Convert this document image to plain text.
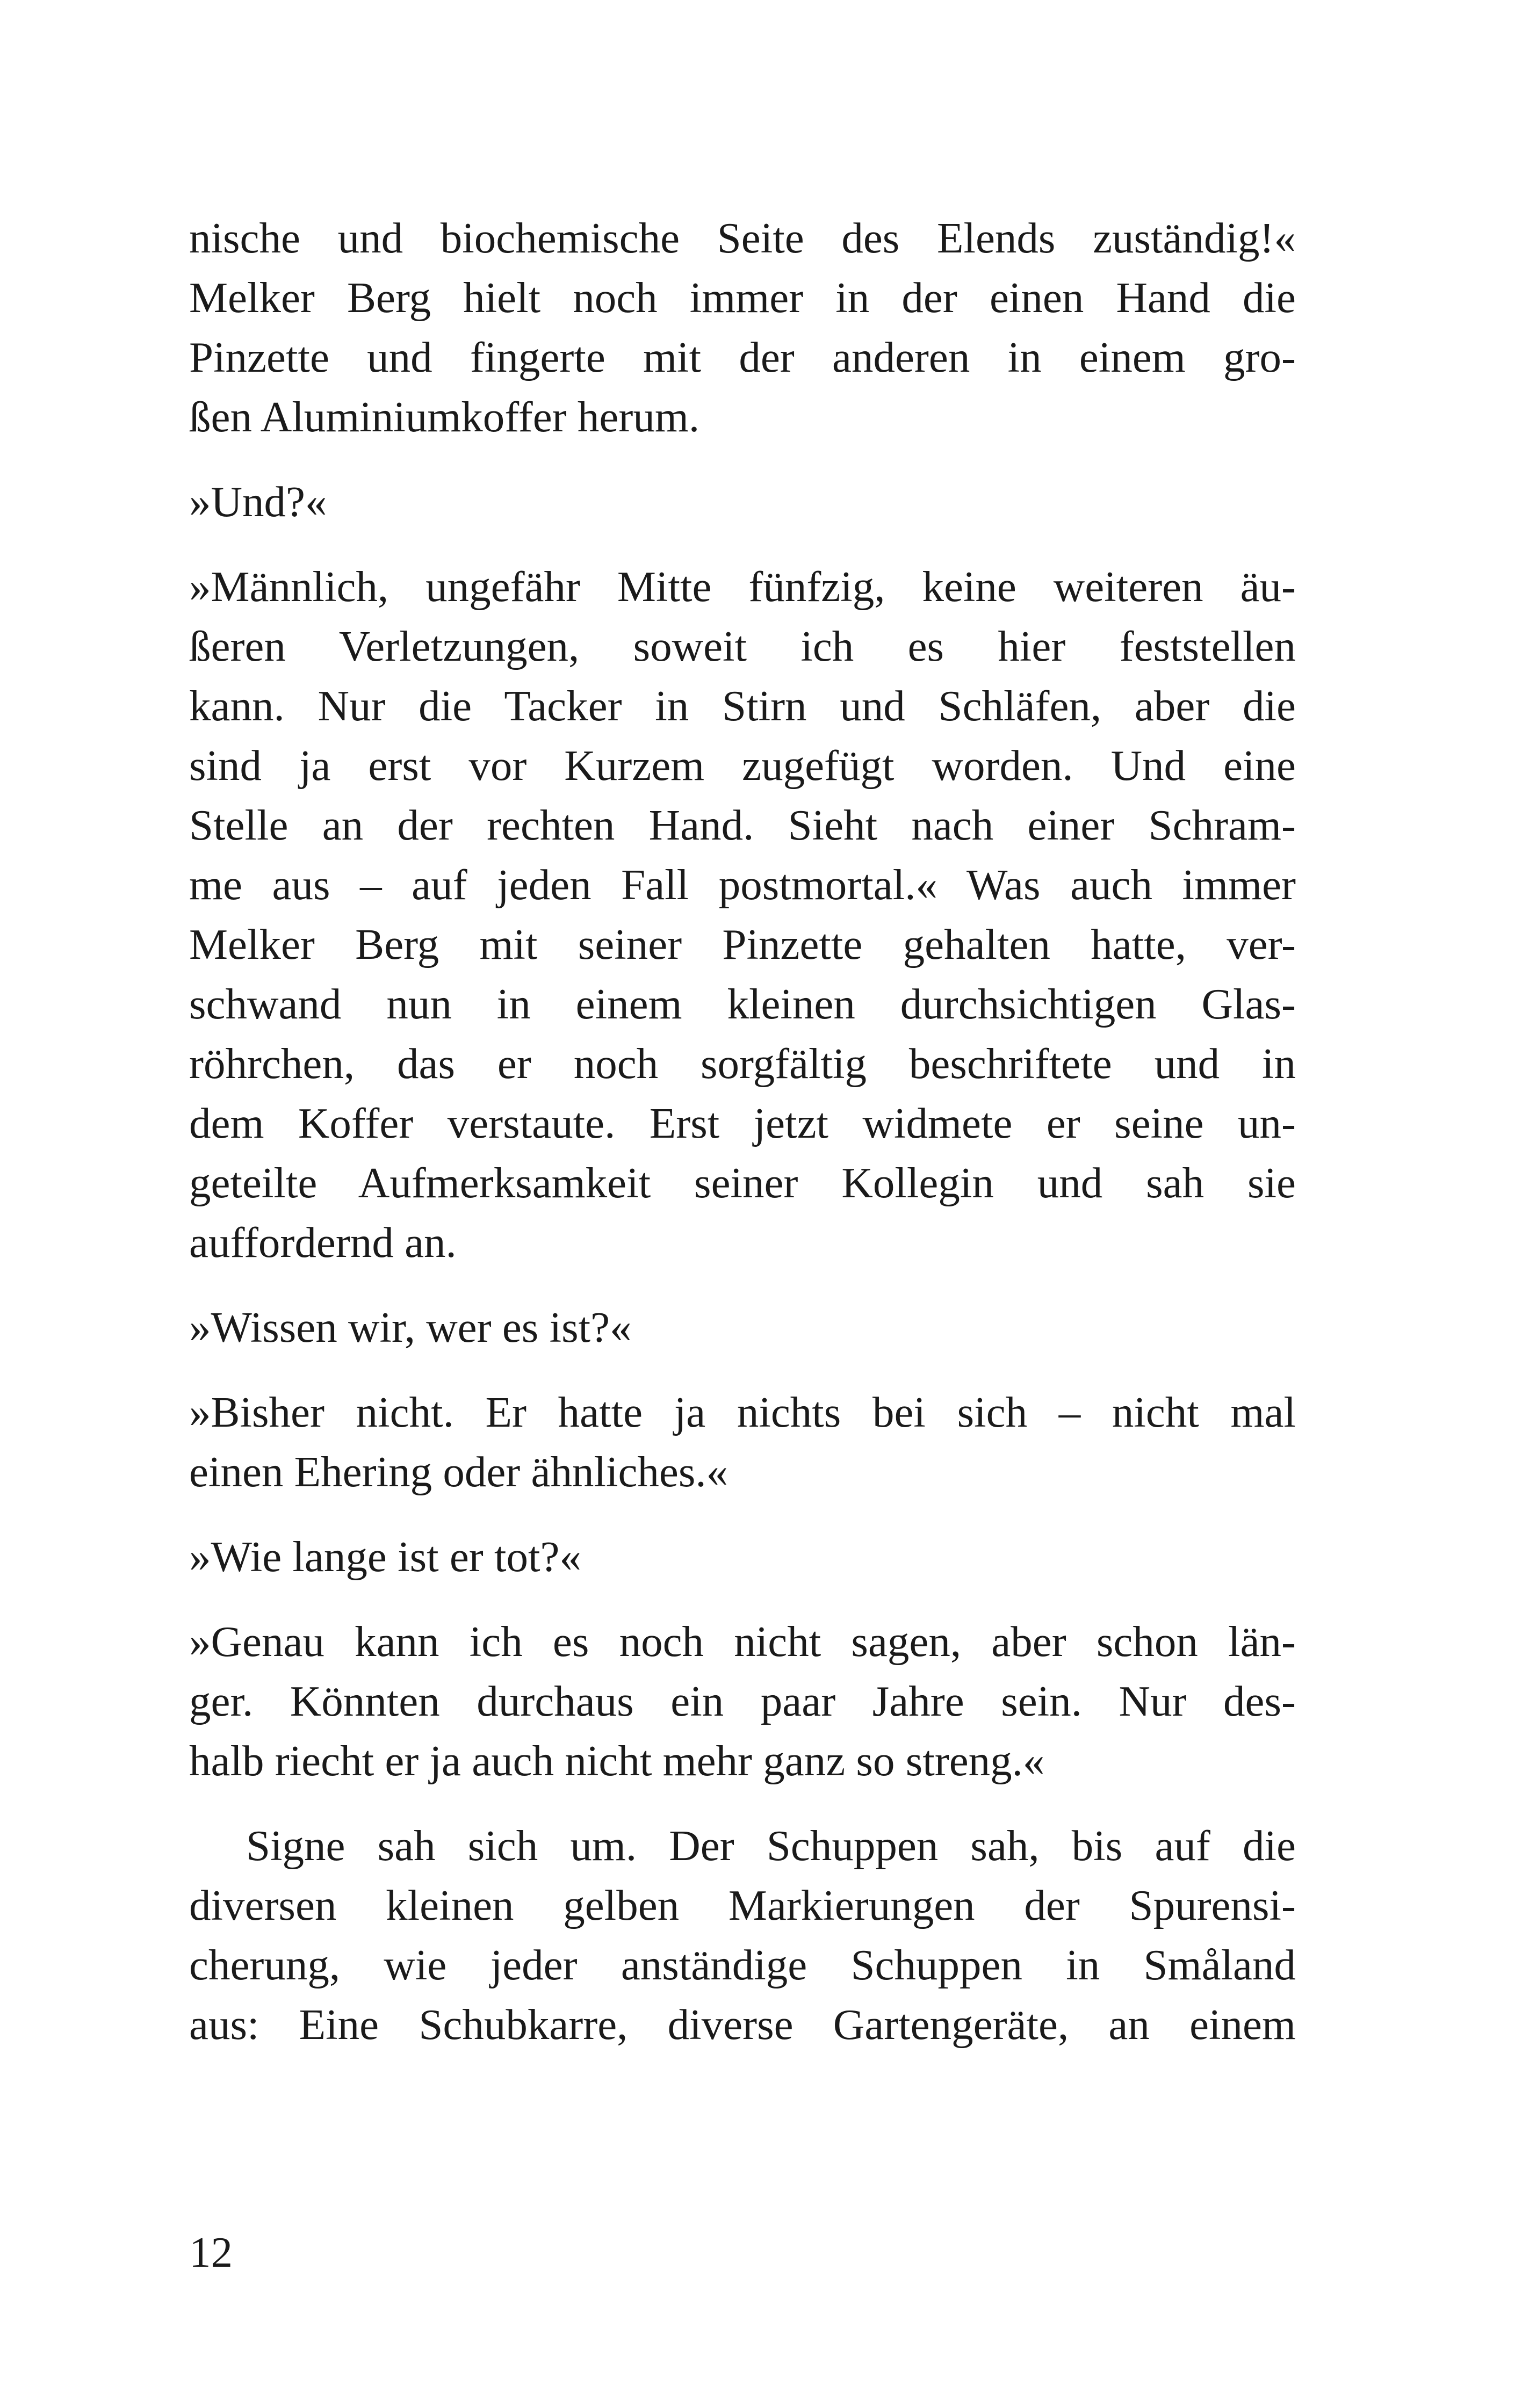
nische und biochemische Seite des Elends zuständig!«
Melker Berg hielt noch immer in der einen Hand die
Pinzette und fingerte mit der anderen in einem gro-
ßen Aluminiumkoffer herum.
»Und?«
»Männlich, ungefähr Mitte fünfzig, keine weiteren äu-
ßeren Verletzungen, soweit ich es hier feststellen
kann. Nur die Tacker in Stirn und Schläfen, aber die
sind ja erst vor Kurzem zugefügt worden. Und eine
Stelle an der rechten Hand. Sieht nach einer Schram-
me aus – auf jeden Fall postmortal.« Was auch immer
Melker Berg mit seiner Pinzette gehalten hatte, ver-
schwand nun in einem kleinen durchsichtigen Glas-
röhrchen, das er noch sorgfältig beschriftete und in
dem Koffer verstaute. Erst jetzt widmete er seine un-
geteilte Aufmerksamkeit seiner Kollegin und sah sie
auffordernd an.
»Wissen wir, wer es ist?«
»Bisher nicht. Er hatte ja nichts bei sich – nicht mal
einen Ehering oder ähnliches.«
»Wie lange ist er tot?«
»Genau kann ich es noch nicht sagen, aber schon län-
ger. Könnten durchaus ein paar Jahre sein. Nur des-
halb riecht er ja auch nicht mehr ganz so streng.«
Signe sah sich um. Der Schuppen sah, bis auf die
diversen kleinen gelben Markierungen der Spurensi-
cherung, wie jeder anständige Schuppen in Småland
aus: Eine Schubkarre, diverse Gartengeräte, an einem
12
